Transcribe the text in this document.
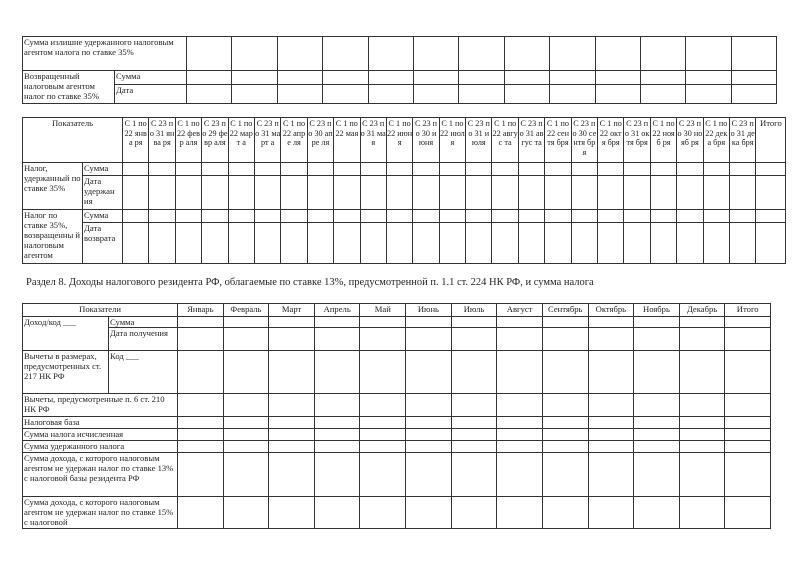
Сумма излишне удержанного налоговым агентом налога по ставке 35%														
Возвращенный налоговым агентом налог по ставке 35%	Сумма													
	Дата													
Показатель		С 1 по 22 янва ря	С 23 по 31 янва ря	С 1 по 22 февр аля	С 23 по 29 февр аля	С 1 по 22 март а	С 23 по 31 март а	С 1 по 22 апре ля	С 23 по 30 апре ля	С 1 по 22 мая	С 23 по 31 мая	С 1 по 22 июня	С 23 по 30 июня	С 1 по 22 июля	С 23 по 31 июля	С 1 по 22 авгус та	С 23 по 31 авгус та	С 1 по 22 сентя бря	С 23 по 30 сентя бря	С 1 по 22 октя бря	С 23 по 31 октя бря	С 1 по 22 нояб ря	С 23 по 30 нояб ря	С 1 по 22 дека бря	С 23 по 31 дека бря	Итого
Налог, удержанный по ставке 35%	Сумма																									
	Дата удержан ия																									
Налог по ставке 35%, возвращенны й налоговым агентом	Сумма																									
	Дата возврата																									
Раздел 8. Доходы налогового резидента РФ, облагаемые по ставке 13%, предусмотренной п. 1.1 ст. 224 НК РФ, и сумма налога
Показатели		Январь	Февраль	Март	Апрель	Май	Июнь	Июль	Август	Сентябрь	Октябрь	Ноябрь	Декабрь	Итого
Доход/код ___	Сумма													
	Дата получения													
Вычеты в размерах, предусмотренных ст. 217 НК РФ	Код ___													
Вычеты, предусмотренные п. 6 ст. 210 НК РФ														
Налоговая база														
Сумма налога исчисленная														
Сумма удержанного налога														
Сумма дохода, с которого налоговым агентом не удержан налог по ставке 13% с налоговой базы резидента РФ														
Сумма дохода, с которого налоговым агентом не удержан налог по ставке 15% с налоговой														
